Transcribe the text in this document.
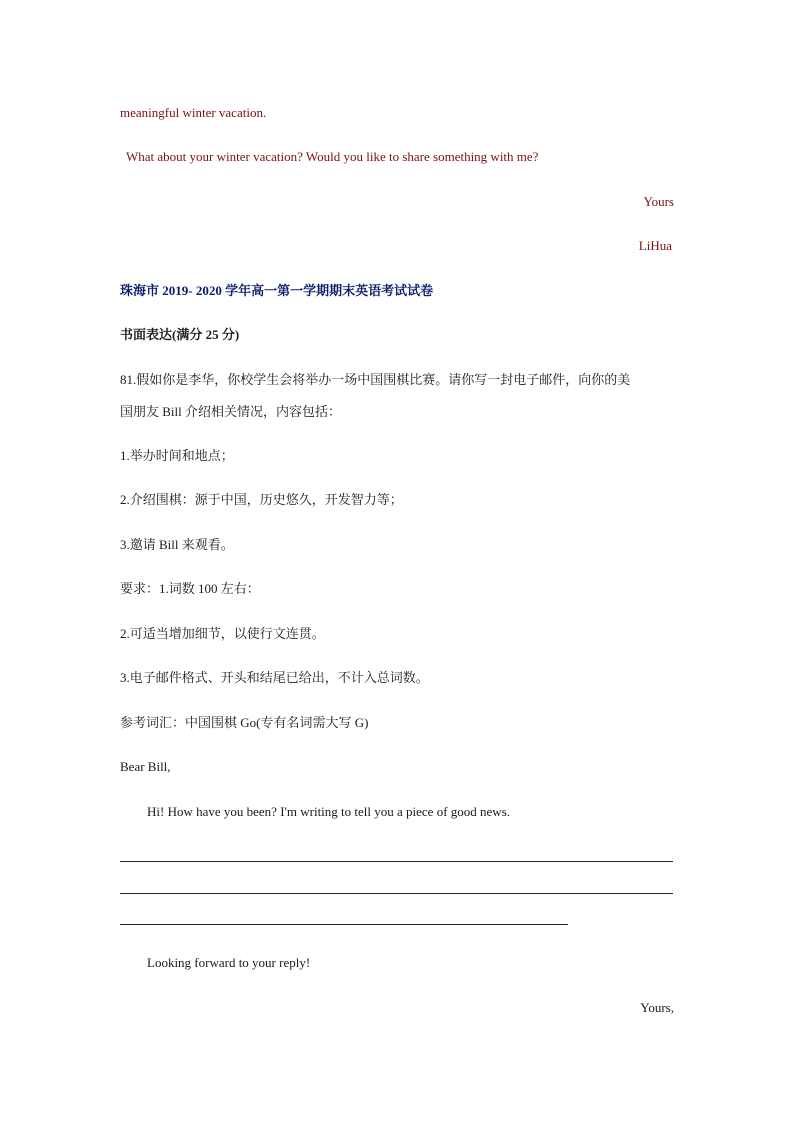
meaningful winter vacation.
What about your winter vacation? Would you like to share something with me?
Yours
LiHua
珠海市 2019- 2020 学年高一第一学期期末英语考试试卷
书面表达(满分 25 分)
81.假如你是李华，你校学生会将举办一场中国围棋比赛。请你写一封电子邮件，向你的美
国朋友 Bill 介绍相关情况，内容包括：
1.举办时间和地点；
2.介绍围棋：源于中国，历史悠久，开发智力等；
3.邀请 Bill 来观看。
要求：1.词数 100 左右：
2.可适当增加细节，以使行文连贯。
3.电子邮件格式、开头和结尾已给出，不计入总词数。
参考词汇：中国围棋 Go(专有名词需大写 G)
Bear Bill,
Hi! How have you been? I'm writing to tell you a piece of good news.
Looking forward to your reply!
Yours,
